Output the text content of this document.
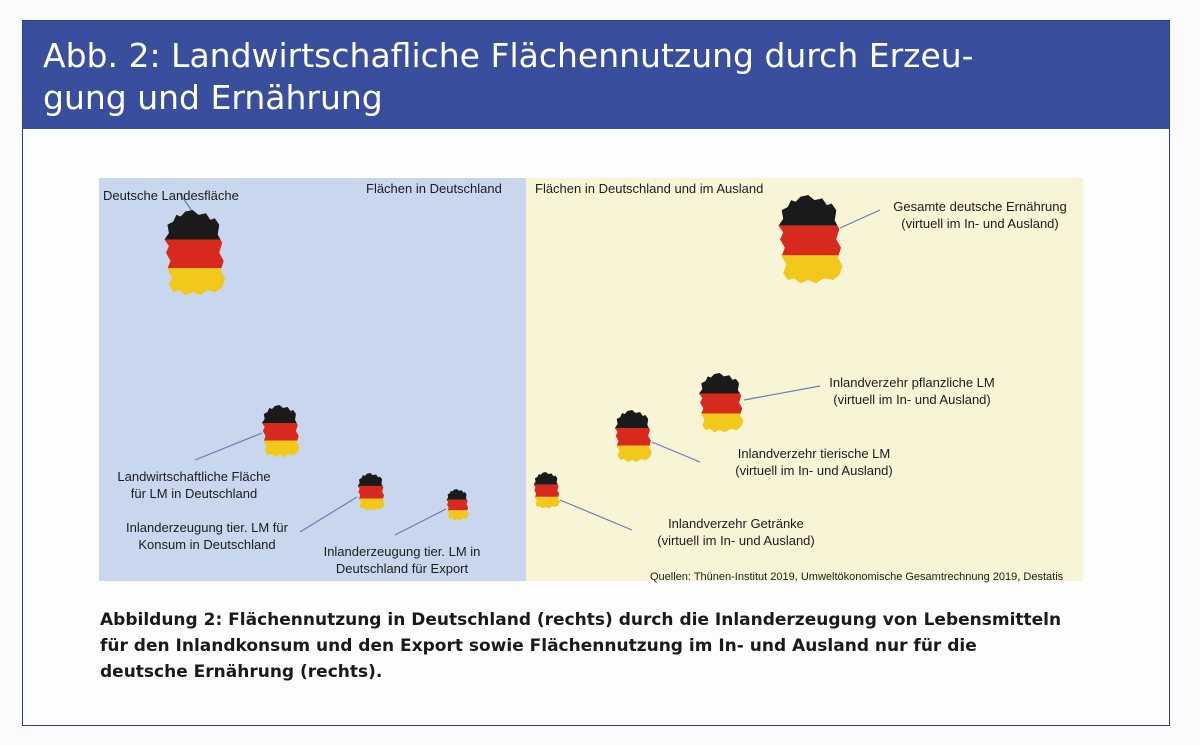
Abb. 2: Landwirtschafliche Flächennutzung durch Erzeu-
gung und Ernährung
Flächen in Deutschland	Flächen in Deutschland und im Ausland
Deutsche Landesfläche
Landwirtschaftliche Fläche
für LM in Deutschland
Inlanderzeugung tier. LM für
Konsum in Deutschland	Inlanderzeugung tier. LM in
Deutschland für Export
Gesamte deutsche Ernährung
(virtuell im In- und Ausland)
Inlandverzehr pflanzliche LM
(virtuell im In- und Ausland)
Inlandverzehr tierische LM
(virtuell im In- und Ausland)
Inlandverzehr Getränke
(virtuell im In- und Ausland)
Quellen: Thünen-Institut 2019, Umweltökonomische Gesamtrechnung 2019, Destatis
Abbildung 2: Flächennutzung in Deutschland (rechts) durch die Inlanderzeugung von Lebensmitteln
für den Inlandkonsum und den Export sowie Flächennutzung im In- und Ausland nur für die
deutsche Ernährung (rechts).
